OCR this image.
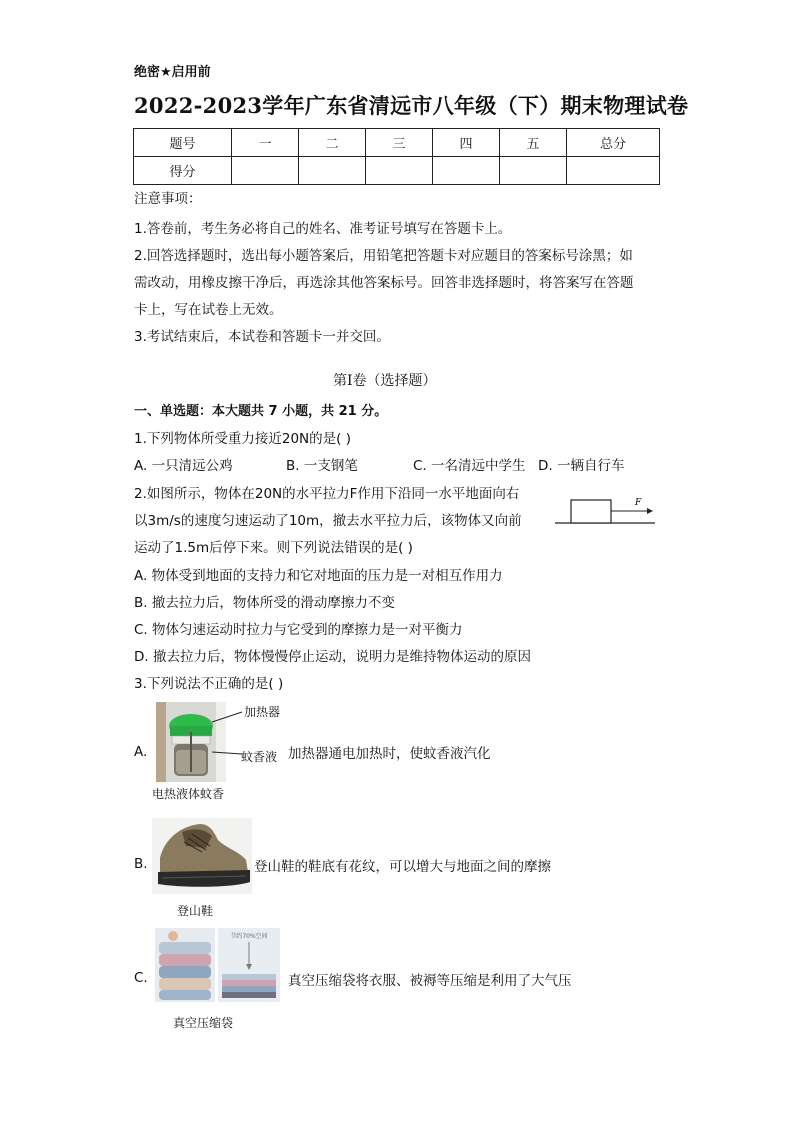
绝密★启用前
2022-2023学年广东省清远市八年级（下）期末物理试卷
题号	一	二	三	四	五	总分
得分						
注意事项：
1.答卷前，考生务必将自己的姓名、准考证号填写在答题卡上。
2.回答选择题时，选出每小题答案后，用铅笔把答题卡对应题目的答案标号涂黑；如
需改动，用橡皮擦干净后，再选涂其他答案标号。回答非选择题时，将答案写在答题
卡上，写在试卷上无效。
3.考试结束后，本试卷和答题卡一并交回。
第I卷（选择题）
一、单选题：本大题共 7 小题，共 21 分。
1.下列物体所受重力接近20N的是( )
A. 一只清远公鸡	B. 一支钢笔	C. 一名清远中学生 D. 一辆自行车
2.如图所示，物体在20N的水平拉力F作用下沿同一水平地面向右
以3m/s的速度匀速运动了10m，撤去水平拉力后，该物体又向前
运动了1.5m后停下来。则下列说法错误的是( )
F
A. 物体受到地面的支持力和它对地面的压力是一对相互作用力
B. 撤去拉力后，物体所受的滑动摩擦力不变
C. 物体匀速运动时拉力与它受到的摩擦力是一对平衡力
D. 撤去拉力后，物体慢慢停止运动，说明力是维持物体运动的原因
3.下列说法不正确的是( )
A.
加热器
蚊香液 加热器通电加热时，使蚊香液汽化
电热液体蚊香
B.	登山鞋的鞋底有花纹，可以增大与地面之间的摩擦
登山鞋
C.
节约70%空间
真空压缩袋将衣服、被褥等压缩是利用了大气压
真空压缩袋
